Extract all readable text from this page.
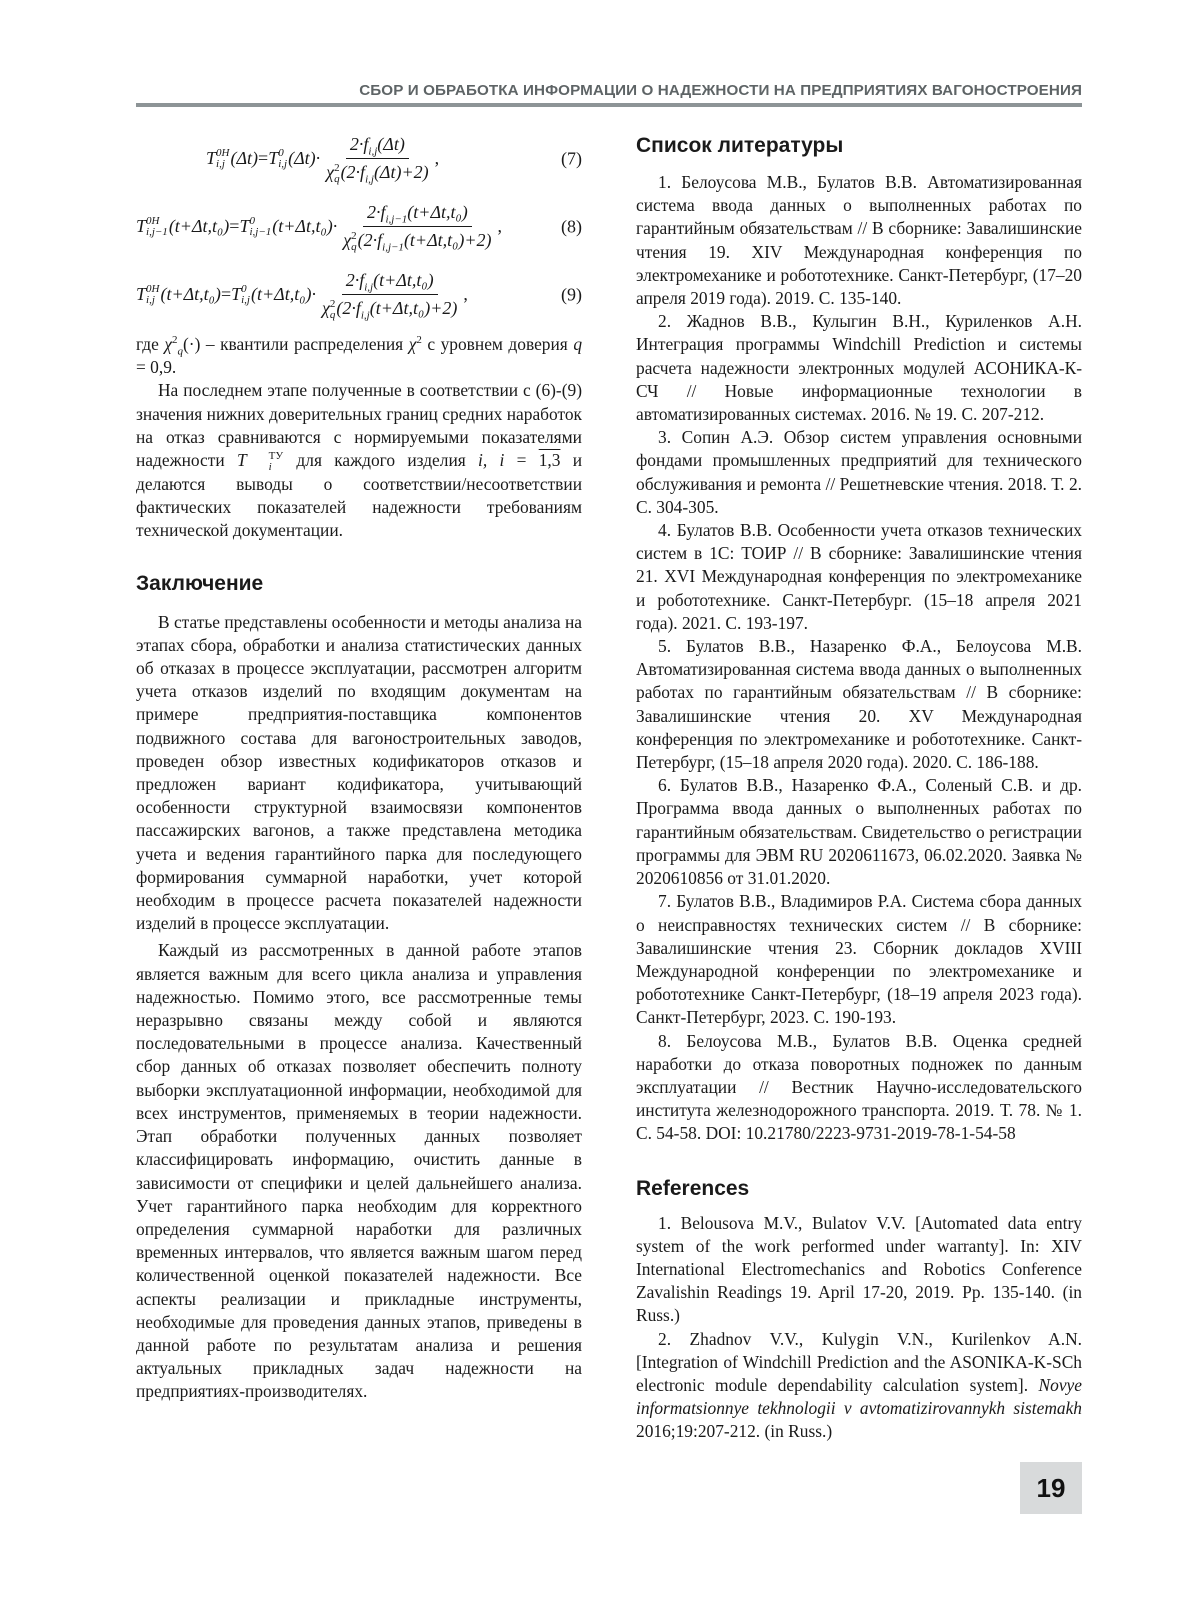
СБОР И ОБРАБОТКА ИНФОРМАЦИИ О НАДЕЖНОСТИ НА ПРЕДПРИЯТИЯХ ВАГОНОСТРОЕНИЯ
T 0H
i,j (Δt) = T 0
i,j (Δt)·
2·fi,j(Δt)
χ 2
q (2·fi,j(Δt)+2)
,	(7)
T 0H
i,j−1 (t+Δt,t₀) = T 0
i,j−1 (t+Δt,t₀)·
2·fi,j−1(t+Δt,t₀)
χ 2
q (2·fi,j−1(t+Δt,t₀)+2)
,	(8)
T 0H
i,j (t+Δt,t₀) = T 0
i,j (t+Δt,t₀)·
2·fi,j(t+Δt,t₀)
χ 2
q (2·fi,j(t+Δt,t₀)+2)
,	(9)

где χ2q(·) – квантили распределения χ2 с уровнем доверия q = 0,9.

На последнем этапе полученные в соответствии с (6)-(9) значения нижних доверительных границ средних наработок на отказ сравниваются с нормируемыми показателями надежности T	ТУ
i для каждого изделия i, i = 1,3 и делаются выводы о соответствии/несоответствии фактических показателей надежности требованиям технической документации.

Заключение

В статье представлены особенности и методы анализа на этапах сбора, обработки и анализа статистических данных об отказах в процессе эксплуатации, рассмотрен алгоритм учета отказов изделий по входящим документам на примере предприятия-поставщика компонентов подвижного состава для вагоностроительных заводов, проведен обзор известных кодификаторов отказов и предложен вариант кодификатора, учитывающий особенности структурной взаимосвязи компонентов пассажирских вагонов, а также представлена методика учета и ведения гарантийного парка для последующего формирования суммарной наработки, учет которой необходим в процессе расчета показателей надежности изделий в процессе эксплуатации.

Каждый из рассмотренных в данной работе этапов является важным для всего цикла анализа и управления надежностью. Помимо этого, все рассмотренные темы неразрывно связаны между собой и являются последовательными в процессе анализа. Качественный сбор данных об отказах позволяет обеспечить полноту выборки эксплуатационной информации, необходимой для всех инструментов, применяемых в теории надежности. Этап обработки полученных данных позволяет классифицировать информацию, очистить данные в зависимости от специфики и целей дальнейшего анализа. Учет гарантийного парка необходим для корректного определения суммарной наработки для различных временных интервалов, что является важным шагом перед количественной оценкой показателей надежности. Все аспекты реализации и прикладные инструменты, необходимые для проведения данных этапов, приведены в данной работе по результатам анализа и решения актуальных прикладных задач надежности на предприятиях-производителях.

Список литературы

1. Белоусова М.В., Булатов В.В. Автоматизированная система ввода данных о выполненных работах по гарантийным обязательствам // В сборнике: Завалишинские чтения 19. XIV Международная конференция по электромеханике и робототехнике. Санкт-Петербург, (17–20 апреля 2019 года). 2019. С. 135-140.

2. Жаднов В.В., Кулыгин В.Н., Куриленков А.Н. Интеграция программы Windchill Prediction и системы расчета надежности электронных модулей АСОНИКА-К-СЧ // Новые информационные технологии в автоматизированных системах. 2016. № 19. С. 207-212.

3. Сопин А.Э. Обзор систем управления основными фондами промышленных предприятий для технического обслуживания и ремонта // Решетневские чтения. 2018. Т. 2. С. 304-305.

4. Булатов В.В. Особенности учета отказов технических систем в 1С: ТОИР // В сборнике: Завалишинские чтения 21. XVI Международная конференция по электромеханике и робототехнике. Санкт-Петербург. (15–18 апреля 2021 года). 2021. С. 193-197.

5. Булатов В.В., Назаренко Ф.А., Белоусова М.В. Автоматизированная система ввода данных о выполненных работах по гарантийным обязательствам // В сборнике: Завалишинские чтения 20. XV Международная конференция по электромеханике и робототехнике. Санкт-Петербург, (15–18 апреля 2020 года). 2020. С. 186-188.

6. Булатов В.В., Назаренко Ф.А., Соленый С.В. и др. Программа ввода данных о выполненных работах по гарантийным обязательствам. Свидетельство о регистрации программы для ЭВМ RU 2020611673, 06.02.2020. Заявка № 2020610856 от 31.01.2020.

7. Булатов В.В., Владимиров Р.А. Система сбора данных о неисправностях технических систем // В сборнике: Завалишинские чтения 23. Сборник докладов XVIII Международной конференции по электромеханике и робототехнике Санкт-Петербург, (18–19 апреля 2023 года). Санкт-Петербург, 2023. С. 190-193.

8. Белоусова М.В., Булатов В.В. Оценка средней наработки до отказа поворотных подножек по данным эксплуатации // Вестник Научно-исследовательского института железнодорожного транспорта. 2019. Т. 78. № 1. С. 54-58. DOI: 10.21780/2223-9731-2019-78-1-54-58

References

1. Belousova M.V., Bulatov V.V. [Automated data entry system of the work performed under warranty]. In: XIV International Electromechanics and Robotics Conference Zavalishin Readings 19. April 17-20, 2019. Pp. 135-140. (in Russ.)

2. Zhadnov V.V., Kulygin V.N., Kurilenkov A.N. [Integration of Windchill Prediction and the ASONIKA-K-SCh electronic module dependability calculation system]. Novye informatsionnye tekhnologii v avtomatizirovannykh sistemakh 2016;19:207-212. (in Russ.)

19
